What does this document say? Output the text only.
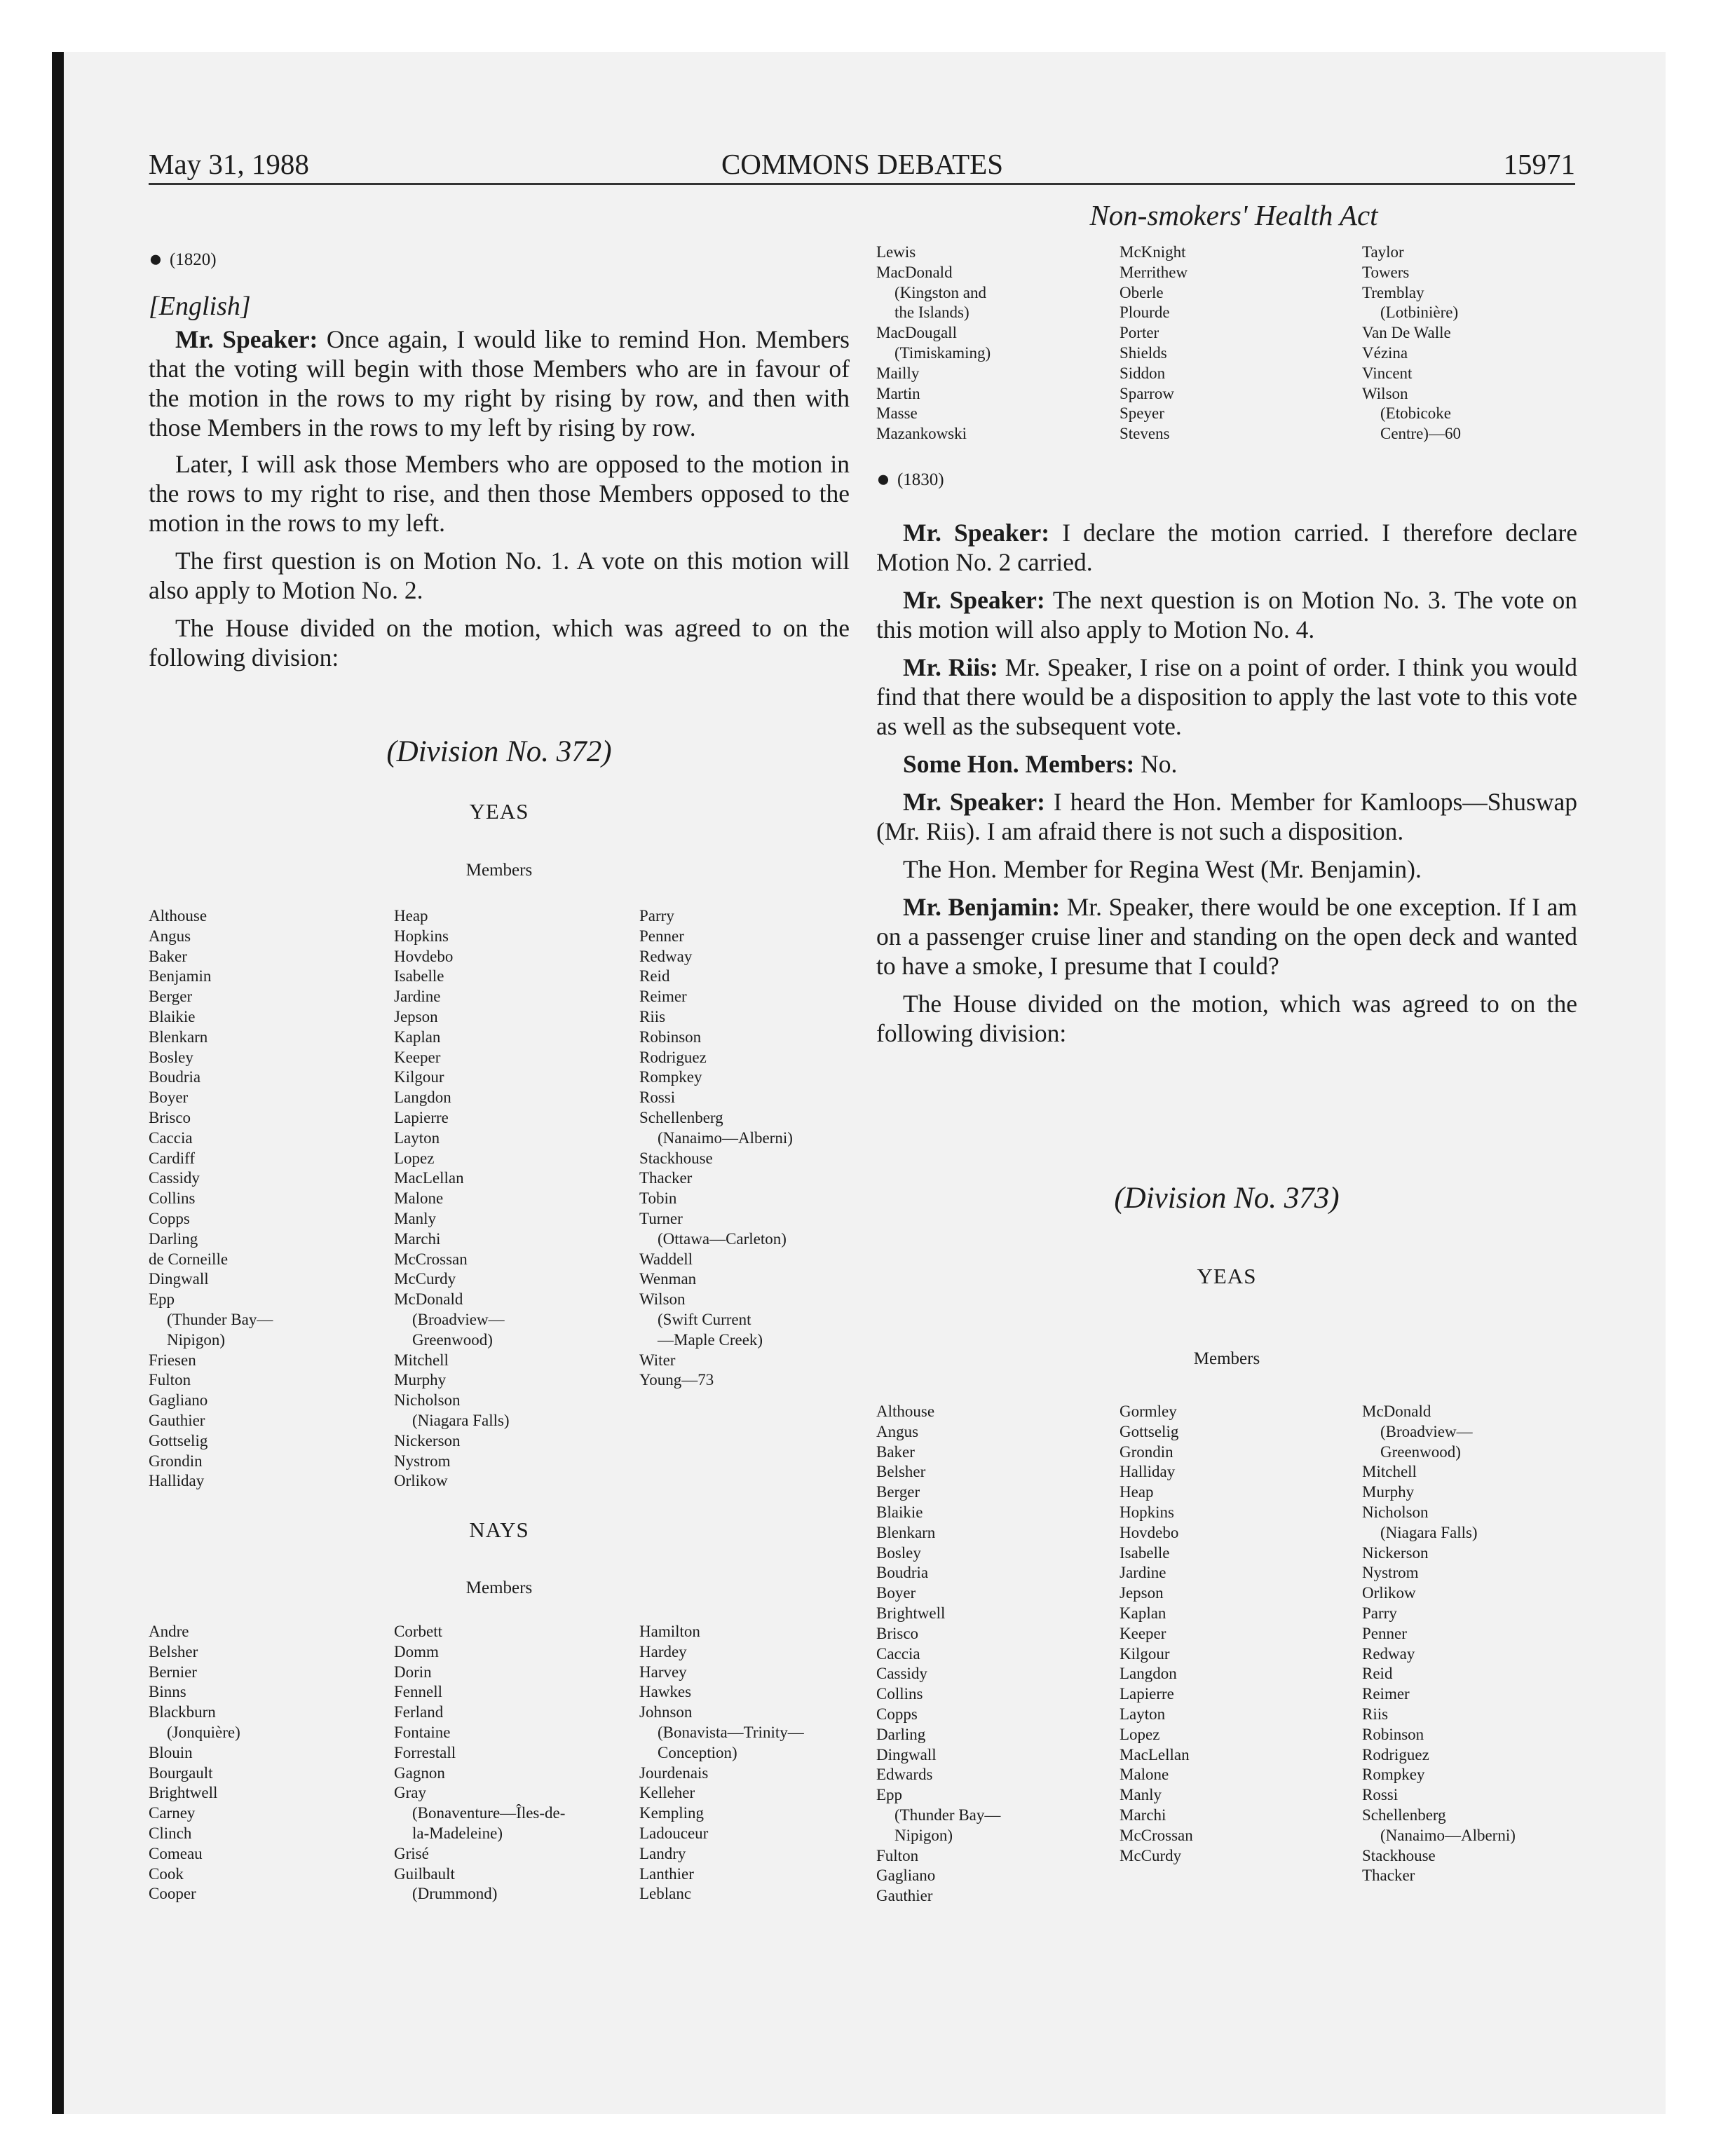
May 31, 1988	COMMONS DEBATES	15971
Non-smokers' Health Act

● (1820)

[English]

Mr. Speaker: Once again, I would like to remind Hon. Members that the voting will begin with those Members who are in favour of the motion in the rows to my right by rising by row, and then with those Members in the rows to my left by rising by row.

Later, I will ask those Members who are opposed to the motion in the rows to my right to rise, and then those Members opposed to the motion in the rows to my left.

The first question is on Motion No. 1. A vote on this motion will also apply to Motion No. 2.

The House divided on the motion, which was agreed to on the following division:

(Division No. 372)
YEAS
Members
Althouse
Angus
Baker
Benjamin
Berger
Blaikie
Blenkarn
Bosley
Boudria
Boyer
Brisco
Caccia
Cardiff
Cassidy
Collins
Copps
Darling
de Corneille
Dingwall
Epp
(Thunder Bay—
Nipigon)
Friesen
Fulton
Gagliano
Gauthier
Gottselig
Grondin
Halliday
Heap
Hopkins
Hovdebo
Isabelle
Jardine
Jepson
Kaplan
Keeper
Kilgour
Langdon
Lapierre
Layton
Lopez
MacLellan
Malone
Manly
Marchi
McCrossan
McCurdy
McDonald
(Broadview—
Greenwood)
Mitchell
Murphy
Nicholson
(Niagara Falls)
Nickerson
Nystrom
Orlikow
Parry
Penner
Redway
Reid
Reimer
Riis
Robinson
Rodriguez
Rompkey
Rossi
Schellenberg
(Nanaimo—Alberni)
Stackhouse
Thacker
Tobin
Turner
(Ottawa—Carleton)
Waddell
Wenman
Wilson
(Swift Current
—Maple Creek)
Witer
Young—73
NAYS
Members
Andre
Belsher
Bernier
Binns
Blackburn
(Jonquière)
Blouin
Bourgault
Brightwell
Carney
Clinch
Comeau
Cook
Cooper
Corbett
Domm
Dorin
Fennell
Ferland
Fontaine
Forrestall
Gagnon
Gray
(Bonaventure—Îles-de-
la-Madeleine)
Grisé
Guilbault
(Drummond)
Hamilton
Hardey
Harvey
Hawkes
Johnson
(Bonavista—Trinity—
Conception)
Jourdenais
Kelleher
Kempling
Ladouceur
Landry
Lanthier
Leblanc
Lewis
MacDonald
(Kingston and
the Islands)
MacDougall
(Timiskaming)
Mailly
Martin
Masse
Mazankowski
McKnight
Merrithew
Oberle
Plourde
Porter
Shields
Siddon
Sparrow
Speyer
Stevens
Taylor
Towers
Tremblay
(Lotbinière)
Van De Walle
Vézina
Vincent
Wilson
(Etobicoke
Centre)—60

● (1830)

Mr. Speaker: I declare the motion carried. I therefore declare Motion No. 2 carried.

Mr. Speaker: The next question is on Motion No. 3. The vote on this motion will also apply to Motion No. 4.

Mr. Riis: Mr. Speaker, I rise on a point of order. I think you would find that there would be a disposition to apply the last vote to this vote as well as the subsequent vote.

Some Hon. Members: No.

Mr. Speaker: I heard the Hon. Member for Kamloops—Shuswap (Mr. Riis). I am afraid there is not such a disposition.

The Hon. Member for Regina West (Mr. Benjamin).

Mr. Benjamin: Mr. Speaker, there would be one exception. If I am on a passenger cruise liner and standing on the open deck and wanted to have a smoke, I presume that I could?

The House divided on the motion, which was agreed to on the following division:

(Division No. 373)
YEAS
Members
Althouse
Angus
Baker
Belsher
Berger
Blaikie
Blenkarn
Bosley
Boudria
Boyer
Brightwell
Brisco
Caccia
Cassidy
Collins
Copps
Darling
Dingwall
Edwards
Epp
(Thunder Bay—
Nipigon)
Fulton
Gagliano
Gauthier
Gormley
Gottselig
Grondin
Halliday
Heap
Hopkins
Hovdebo
Isabelle
Jardine
Jepson
Kaplan
Keeper
Kilgour
Langdon
Lapierre
Layton
Lopez
MacLellan
Malone
Manly
Marchi
McCrossan
McCurdy
McDonald
(Broadview—
Greenwood)
Mitchell
Murphy
Nicholson
(Niagara Falls)
Nickerson
Nystrom
Orlikow
Parry
Penner
Redway
Reid
Reimer
Riis
Robinson
Rodriguez
Rompkey
Rossi
Schellenberg
(Nanaimo—Alberni)
Stackhouse
Thacker
